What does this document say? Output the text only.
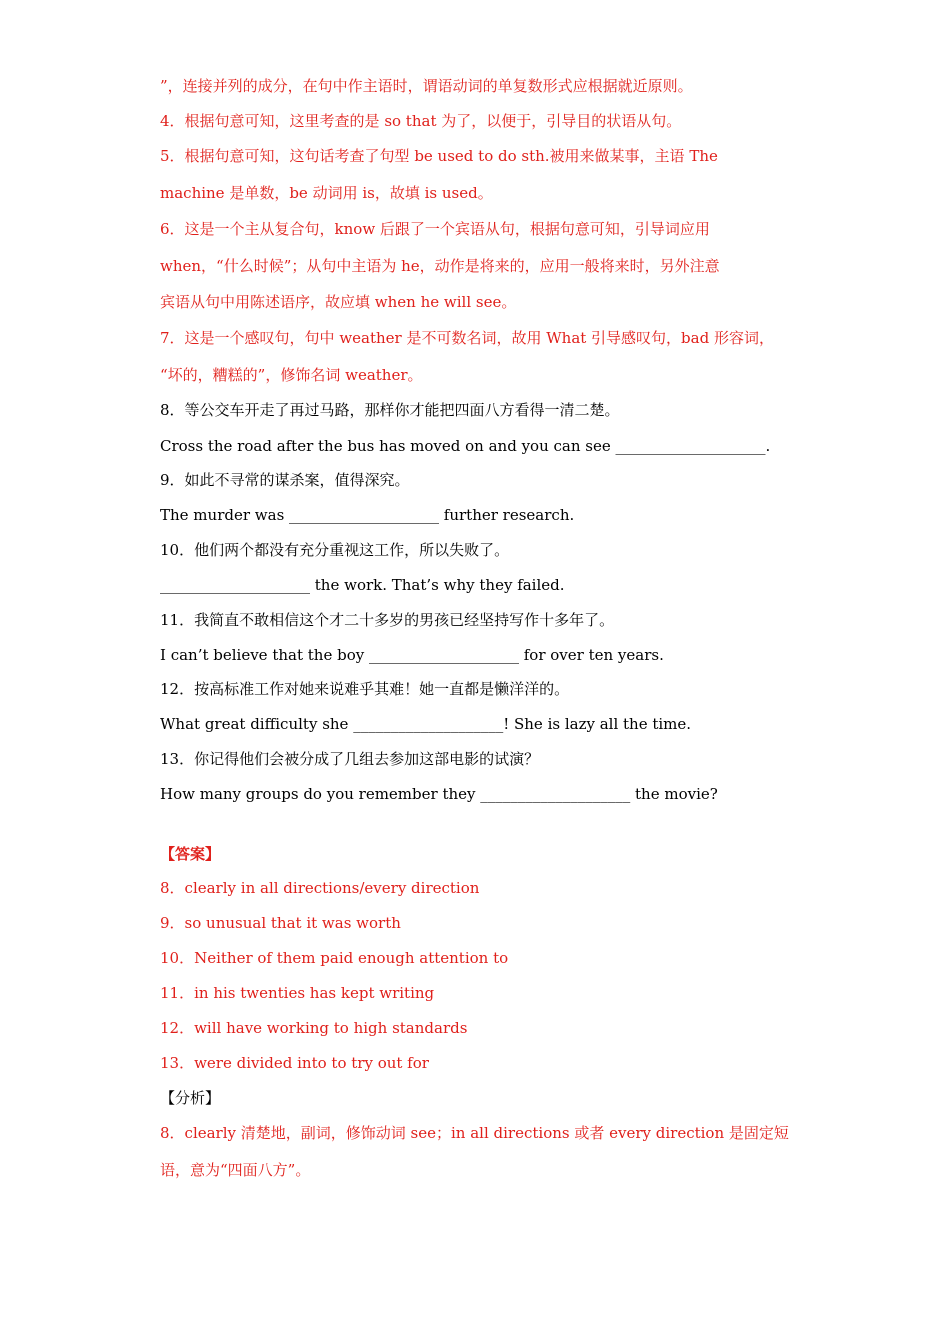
”，连接并列的成分，在句中作主语时，谓语动词的单复数形式应根据就近原则。
4．根据句意可知，这里考查的是 so that 为了，以便于，引导目的状语从句。
5．根据句意可知，这句话考查了句型 be used to do sth.被用来做某事，主语 The
machine 是单数，be 动词用 is，故填 is used。
6．这是一个主从复合句，know 后跟了一个宾语从句，根据句意可知，引导词应用
when，“什么时候”；从句中主语为 he，动作是将来的，应用一般将来时，另外注意
宾语从句中用陈述语序，故应填 when he will see。
7．这是一个感叹句，句中 weather 是不可数名词，故用 What 引导感叹句，bad 形容词，
“坏的，糟糕的”，修饰名词 weather。
8．等公交车开走了再过马路，那样你才能把四面八方看得一清二楚。
Cross the road after the bus has moved on and you can see ____________________.
9．如此不寻常的谋杀案，值得深究。
The murder was ____________________ further research.
10．他们两个都没有充分重视这工作，所以失败了。
____________________ the work. That’s why they failed.
11．我简直不敢相信这个才二十多岁的男孩已经坚持写作十多年了。
I can’t believe that the boy ____________________ for over ten years.
12．按高标准工作对她来说难乎其难！她一直都是懒洋洋的。
What great difficulty she ____________________! She is lazy all the time.
13．你记得他们会被分成了几组去参加这部电影的试演？
How many groups do you remember they ____________________ the movie?
【答案】
8．clearly in all directions/every direction
9．so unusual that it was worth
10．Neither of them paid enough attention to
11．in his twenties has kept writing
12．will have working to high standards
13．were divided into to try out for
【分析】
8．clearly 清楚地，副词，修饰动词 see；in all directions 或者 every direction 是固定短
语，意为“四面八方”。
